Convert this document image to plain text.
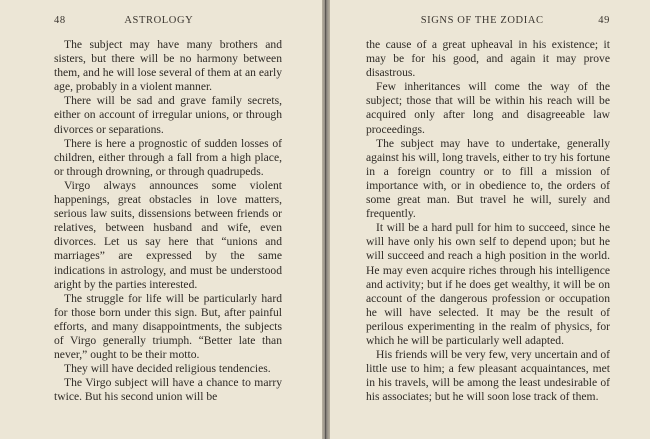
48	ASTROLOGY

The subject may have many brothers and sisters, but there will be no harmony between them, and he will lose several of them at an early age, probably in a violent manner.

There will be sad and grave family secrets, either on account of irregular unions, or through divorces or separations.

There is here a prognostic of sudden losses of children, either through a fall from a high place, or through drowning, or through quadrupeds.

Virgo always announces some violent happenings, great obstacles in love matters, serious law suits, dissensions between friends or relatives, between husband and wife, even divorces. Let us say here that “unions and marriages” are expressed by the same indications in astrology, and must be understood aright by the parties interested.

The struggle for life will be particularly hard for those born under this sign. But, after painful efforts, and many disappointments, the subjects of Virgo generally triumph. “Better late than never,” ought to be their motto.

They will have decided religious tendencies.

The Virgo subject will have a chance to marry twice. But his second union will be

SIGNS OF THE ZODIAC	49

the cause of a great upheaval in his existence; it may be for his good, and again it may prove disastrous.

Few inheritances will come the way of the subject; those that will be within his reach will be acquired only after long and disagreeable law proceedings.

The subject may have to undertake, generally against his will, long travels, either to try his fortune in a foreign country or to fill a mission of importance with, or in obedience to, the orders of some great man. But travel he will, surely and frequently.

It will be a hard pull for him to succeed, since he will have only his own self to depend upon; but he will succeed and reach a high position in the world. He may even acquire riches through his intelligence and activity; but if he does get wealthy, it will be on account of the dangerous profession or occupation he will have selected. It may be the result of perilous experimenting in the realm of physics, for which he will be particularly well adapted.

His friends will be very few, very uncertain and of little use to him; a few pleasant acquaintances, met in his travels, will be among the least undesirable of his associates; but he will soon lose track of them.
